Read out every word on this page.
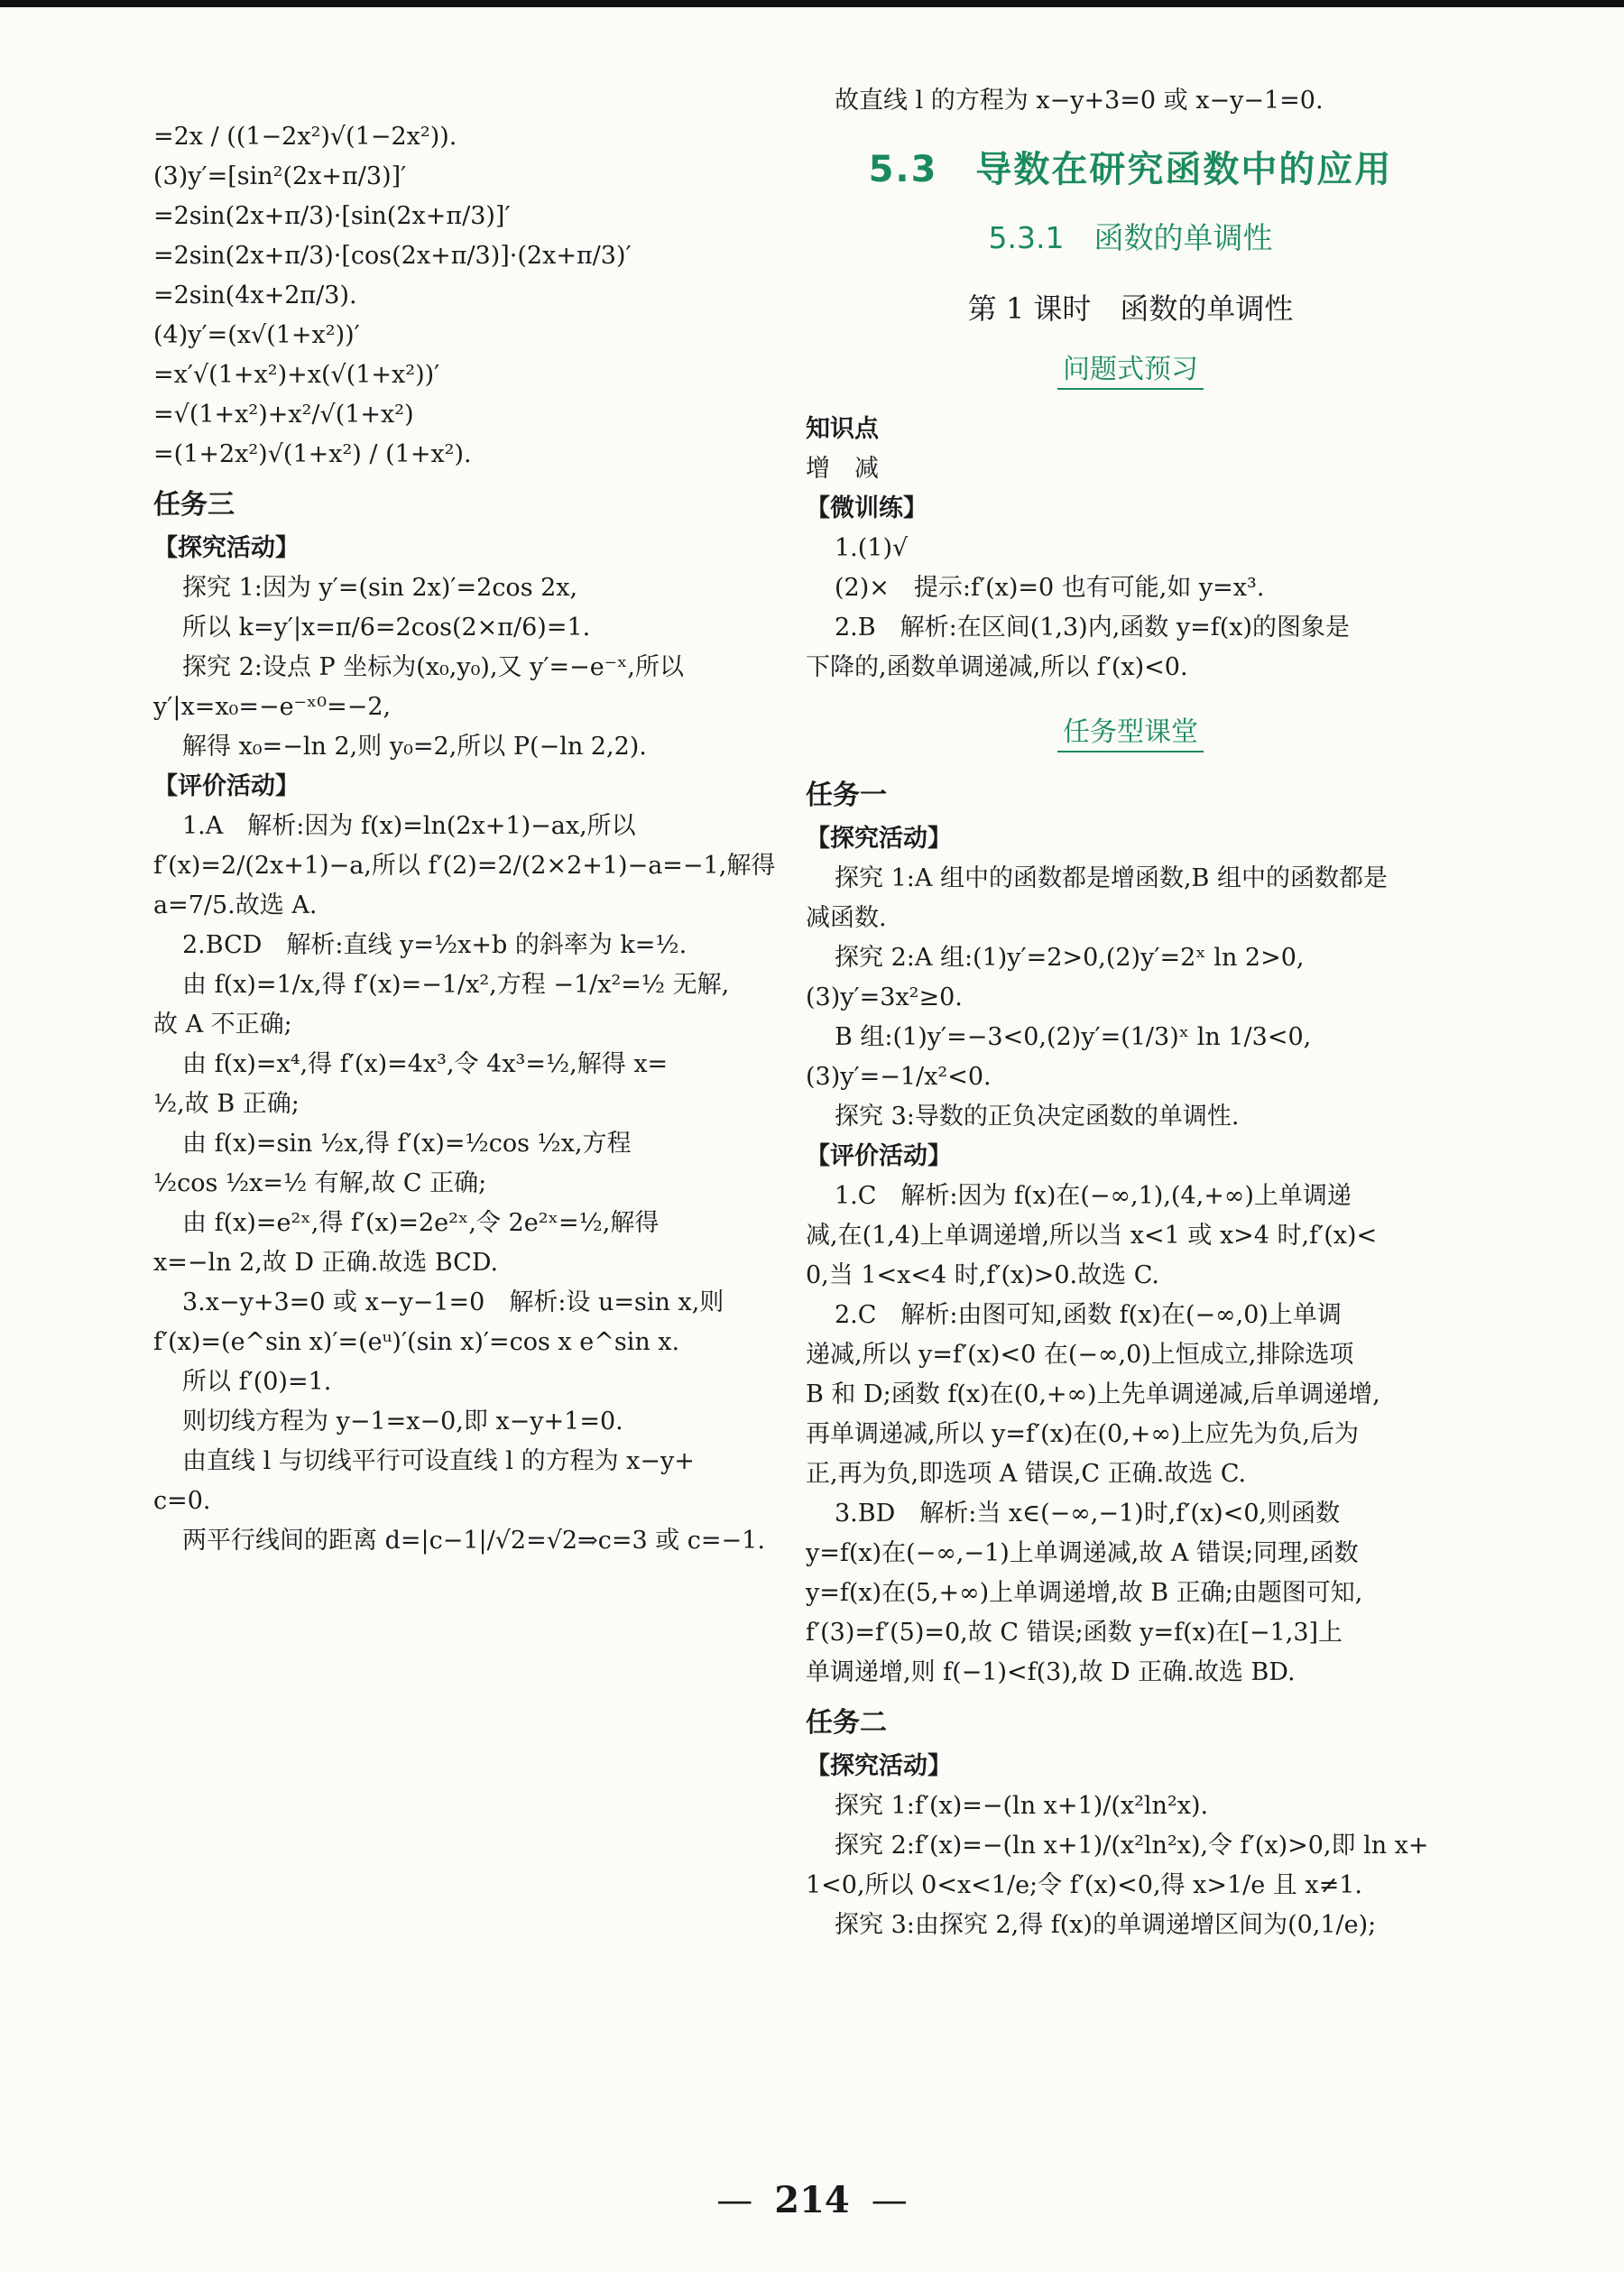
=2x / ((1−2x²)√(1−2x²)).
(3)y′=[sin²(2x+π/3)]′
=2sin(2x+π/3)·[sin(2x+π/3)]′
=2sin(2x+π/3)·[cos(2x+π/3)]·(2x+π/3)′
=2sin(4x+2π/3).
(4)y′=(x√(1+x²))′
=x′√(1+x²)+x(√(1+x²))′
=√(1+x²)+x²/√(1+x²)
=(1+2x²)√(1+x²) / (1+x²).
任务三
【探究活动】
探究 1:因为 y′=(sin 2x)′=2cos 2x,
所以 k=y′|x=π/6=2cos(2×π/6)=1.
探究 2:设点 P 坐标为(x₀,y₀),又 y′=−e⁻ˣ,所以
y′|x=x₀=−e⁻ˣ⁰=−2,
解得 x₀=−ln 2,则 y₀=2,所以 P(−ln 2,2).
【评价活动】
1.A　解析:因为 f(x)=ln(2x+1)−ax,所以
f′(x)=2/(2x+1)−a,所以 f′(2)=2/(2×2+1)−a=−1,解得
a=7/5.故选 A.
2.BCD　解析:直线 y=½x+b 的斜率为 k=½.
由 f(x)=1/x,得 f′(x)=−1/x²,方程 −1/x²=½ 无解,
故 A 不正确;
由 f(x)=x⁴,得 f′(x)=4x³,令 4x³=½,解得 x=
½,故 B 正确;
由 f(x)=sin ½x,得 f′(x)=½cos ½x,方程
½cos ½x=½ 有解,故 C 正确;
由 f(x)=e²ˣ,得 f′(x)=2e²ˣ,令 2e²ˣ=½,解得
x=−ln 2,故 D 正确.故选 BCD.
3.x−y+3=0 或 x−y−1=0　解析:设 u=sin x,则
f′(x)=(e^sin x)′=(eᵘ)′(sin x)′=cos x e^sin x.
所以 f′(0)=1.
则切线方程为 y−1=x−0,即 x−y+1=0.
由直线 l 与切线平行可设直线 l 的方程为 x−y+
c=0.
两平行线间的距离 d=|c−1|/√2=√2⇒c=3 或 c=−1.
故直线 l 的方程为 x−y+3=0 或 x−y−1=0.
5.3　导数在研究函数中的应用
5.3.1　函数的单调性
第 1 课时　函数的单调性
问题式预习
知识点
增　减
【微训练】
1.(1)√
(2)×　提示:f′(x)=0 也有可能,如 y=x³.
2.B　解析:在区间(1,3)内,函数 y=f(x)的图象是
下降的,函数单调递减,所以 f′(x)<0.
任务型课堂
任务一
【探究活动】
探究 1:A 组中的函数都是增函数,B 组中的函数都是
减函数.
探究 2:A 组:(1)y′=2>0,(2)y′=2ˣ ln 2>0,
(3)y′=3x²≥0.
B 组:(1)y′=−3<0,(2)y′=(1/3)ˣ ln 1/3<0,
(3)y′=−1/x²<0.
探究 3:导数的正负决定函数的单调性.
【评价活动】
1.C　解析:因为 f(x)在(−∞,1),(4,+∞)上单调递
减,在(1,4)上单调递增,所以当 x<1 或 x>4 时,f′(x)<
0,当 1<x<4 时,f′(x)>0.故选 C.
2.C　解析:由图可知,函数 f(x)在(−∞,0)上单调
递减,所以 y=f′(x)<0 在(−∞,0)上恒成立,排除选项
B 和 D;函数 f(x)在(0,+∞)上先单调递减,后单调递增,
再单调递减,所以 y=f′(x)在(0,+∞)上应先为负,后为
正,再为负,即选项 A 错误,C 正确.故选 C.
3.BD　解析:当 x∈(−∞,−1)时,f′(x)<0,则函数
y=f(x)在(−∞,−1)上单调递减,故 A 错误;同理,函数
y=f(x)在(5,+∞)上单调递增,故 B 正确;由题图可知,
f′(3)=f′(5)=0,故 C 错误;函数 y=f(x)在[−1,3]上
单调递增,则 f(−1)<f(3),故 D 正确.故选 BD.
任务二
【探究活动】
探究 1:f′(x)=−(ln x+1)/(x²ln²x).
探究 2:f′(x)=−(ln x+1)/(x²ln²x),令 f′(x)>0,即 ln x+
1<0,所以 0<x<1/e;令 f′(x)<0,得 x>1/e 且 x≠1.
探究 3:由探究 2,得 f(x)的单调递增区间为(0,1/e);
— 214 —
